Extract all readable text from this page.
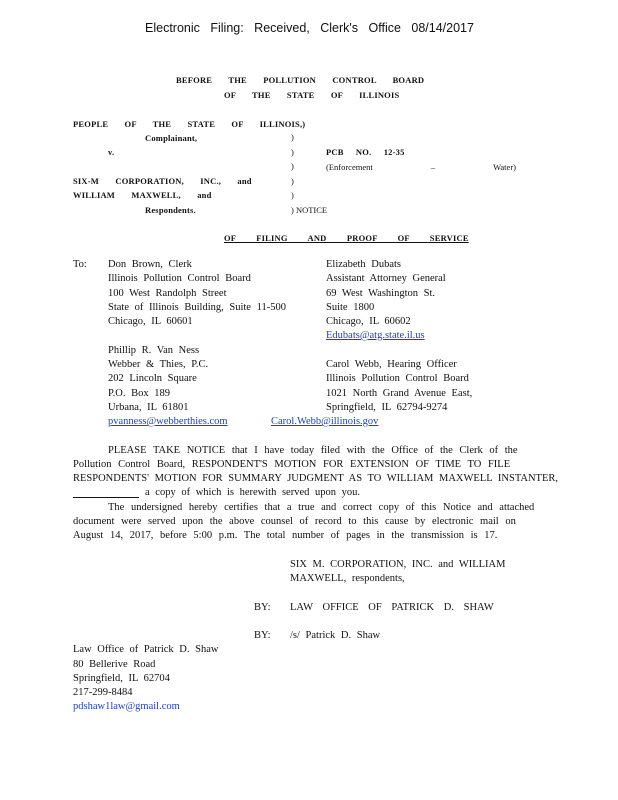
Electronic Filing: Received, Clerk's Office 08/14/2017
BEFORE THE POLLUTION CONTROL BOARD
OF THE STATE OF ILLINOIS
PEOPLE OF THE STATE OF ILLINOIS,)
Complainant,
v.
SIX-M CORPORATION, INC., and
WILLIAM MAXWELL, and
Respondents.
)
)
)
)
)
) NOTICE
PCB NO. 12-35
(Enforcement – Water)
OF FILING AND PROOF OF SERVICE
To: Don Brown, Clerk
Illinois Pollution Control Board
100 West Randolph Street
State of Illinois Building, Suite 11-500
Chicago, IL 60601
Elizabeth Dubats
Assistant Attorney General
69 West Washington St.
Suite 1800
Chicago, IL 60602
Edubats@atg.state.il.us
Phillip R. Van Ness
Webber & Thies, P.C.
202 Lincoln Square
P.O. Box 189
Urbana, IL 61801
pvanness@webberthies.com
Carol Webb, Hearing Officer
Illinois Pollution Control Board
1021 North Grand Avenue East,
Springfield, IL 62794-9274
Carol.Webb@illinois.gov
PLEASE TAKE NOTICE that I have today filed with the Office of the Clerk of the
Pollution Control Board, RESPONDENT'S MOTION FOR EXTENSION OF TIME TO FILE
RESPONDENTS' MOTION FOR SUMMARY JUDGMENT AS TO WILLIAM MAXWELL INSTANTER,
a copy of which is herewith served upon you.
The undersigned hereby certifies that a true and correct copy of this Notice and attached
document were served upon the above counsel of record to this cause by electronic mail on
August 14, 2017, before 5:00 p.m. The total number of pages in the transmission is 17.
SIX M. CORPORATION, INC. and WILLIAM
MAXWELL, respondents,
BY: LAW OFFICE OF PATRICK D. SHAW
BY: /s/ Patrick D. Shaw
Law Office of Patrick D. Shaw
80 Bellerive Road
Springfield, IL 62704
217-299-8484
pdshaw1law@gmail.com
